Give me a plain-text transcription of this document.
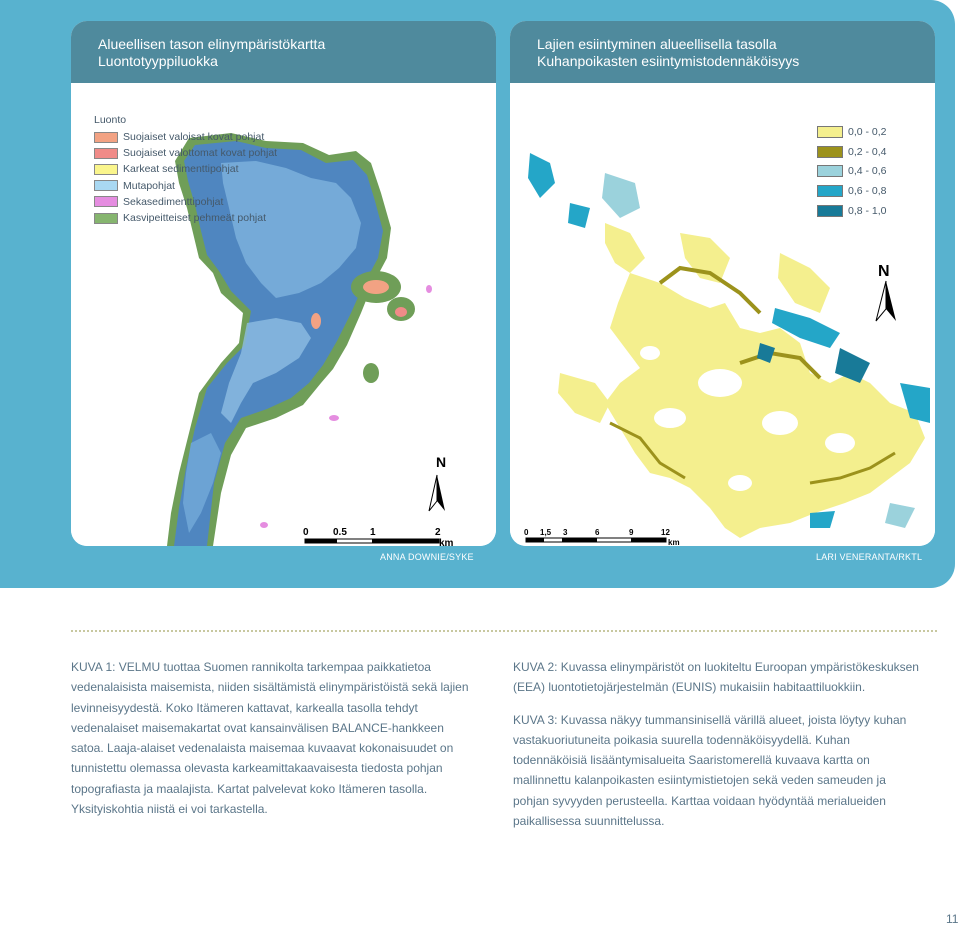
Alueellisen tason elinympäristökartta
Luontotyyppiluokka
N
0 0.5 1	2
km
Luonto
Suojaiset valoisat kovat pohjat
Suojaiset valottomat kovat pohjat
Karkeat sedimenttipohjat
Mutapohjat
Sekasedimenttipohjat
Kasvipeitteiset pehmeät pohjat
Lajien esiintyminen alueellisella tasolla
Kuhanpoikasten esiintymistodennäköisyys
N
0 1,5 3	6	9	12
km
0,0 - 0,2
0,2 - 0,4
0,4 - 0,6
0,6 - 0,8
0,8 - 1,0
ANNA DOWNIE/SYKE	LARI VENERANTA/RKTL
KUVA 1: VELMU tuottaa Suomen rannikolta tarkempaa paikkatietoa vedenalaisista maisemista, niiden sisältämistä elinympäristöistä sekä lajien levinneisyydestä. Koko Itämeren kattavat, karkealla tasolla tehdyt vedenalaiset maisemakartat ovat kansainvälisen BALANCE-hankkeen satoa. Laaja-alaiset vedenalaista maisemaa kuvaavat kokonaisuudet on tunnistettu olemassa olevasta karkeamittakaavaisesta tiedosta pohjan topografiasta ja maalajista. Kartat palvelevat koko Itämeren tasolla. Yksityiskohtia niistä ei voi tarkastella.

KUVA 2: Kuvassa elinympäristöt on luokiteltu Euroopan ympäristökeskuksen (EEA) luontotietojärjestelmän (EUNIS) mukaisiin habitaattiluokkiin.

KUVA 3: Kuvassa näkyy tummansinisellä värillä alueet, joista löytyy kuhan vastakuoriutuneita poikasia suurella todennäköisyydellä. Kuhan todennäköisiä lisääntymisalueita Saaristomerellä kuvaava kartta on mallinnettu kalanpoikasten esiintymistietojen sekä veden sameuden ja pohjan syvyyden perusteella. Karttaa voidaan hyödyntää merialueiden paikallisessa suunnittelussa.

11
